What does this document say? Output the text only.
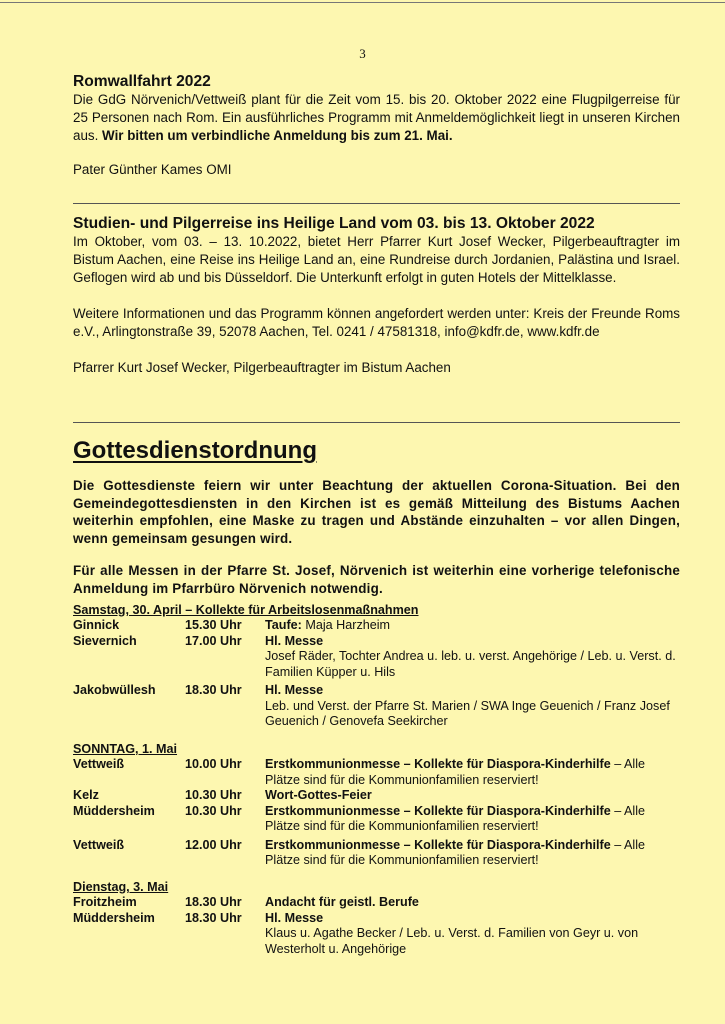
3
Romwallfahrt 2022

Die GdG Nörvenich/Vettweiß plant für die Zeit vom 15. bis 20. Oktober 2022 eine Flugpilgerreise für 25 Personen nach Rom. Ein ausführliches Programm mit Anmeldemöglichkeit liegt in unseren Kirchen aus. Wir bitten um verbindliche Anmeldung bis zum 21. Mai.

Pater Günther Kames OMI

Studien- und Pilgerreise ins Heilige Land vom 03. bis 13. Oktober 2022

Im Oktober, vom 03. – 13. 10.2022, bietet Herr Pfarrer Kurt Josef Wecker, Pilgerbeauftragter im Bistum Aachen, eine Reise ins Heilige Land an, eine Rundreise durch Jordanien, Palästina und Israel. Geflogen wird ab und bis Düsseldorf. Die Unterkunft erfolgt in guten Hotels der Mittelklasse.

Weitere Informationen und das Programm können angefordert werden unter: Kreis der Freunde Roms e.V., Arlingtonstraße 39, 52078 Aachen, Tel. 0241 / 47581318, info@kdfr.de, www.kdfr.de

Pfarrer Kurt Josef Wecker, Pilgerbeauftragter im Bistum Aachen

Gottesdienstordnung

Die Gottesdienste feiern wir unter Beachtung der aktuellen Corona-Situation. Bei den Gemeindegottesdiensten in den Kirchen ist es gemäß Mitteilung des Bistums Aachen weiterhin empfohlen, eine Maske zu tragen und Abstände einzuhalten – vor allen Dingen, wenn gemeinsam gesungen wird.

Für alle Messen in der Pfarre St. Josef, Nörvenich ist weiterhin eine vorherige telefonische Anmeldung im Pfarrbüro Nörvenich notwendig.

Samstag, 30. April – Kollekte für Arbeitslosenmaßnahmen
Ginnick	15.30 Uhr	Taufe: Maja Harzheim
Sievernich	17.00 Uhr	Hl. Messe
Josef Räder, Tochter Andrea u. leb. u. verst. Angehörige / Leb. u. Verst. d. Familien Küpper u. Hils
Jakobwüllesh	18.30 Uhr	Hl. Messe
Leb. und Verst. der Pfarre St. Marien / SWA Inge Geuenich / Franz Josef Geuenich / Genovefa Seekircher
SONNTAG, 1. Mai
Vettweiß	10.00 Uhr	Erstkommunionmesse – Kollekte für Diaspora-Kinderhilfe – Alle Plätze sind für die Kommunionfamilien reserviert!
Kelz	10.30 Uhr	Wort-Gottes-Feier
Müddersheim	10.30 Uhr	Erstkommunionmesse – Kollekte für Diaspora-Kinderhilfe – Alle Plätze sind für die Kommunionfamilien reserviert!
Vettweiß	12.00 Uhr	Erstkommunionmesse – Kollekte für Diaspora-Kinderhilfe – Alle Plätze sind für die Kommunionfamilien reserviert!
Dienstag, 3. Mai
Froitzheim	18.30 Uhr	Andacht für geistl. Berufe
Müddersheim	18.30 Uhr	Hl. Messe
Klaus u. Agathe Becker / Leb. u. Verst. d. Familien von Geyr u. von Westerholt u. Angehörige
